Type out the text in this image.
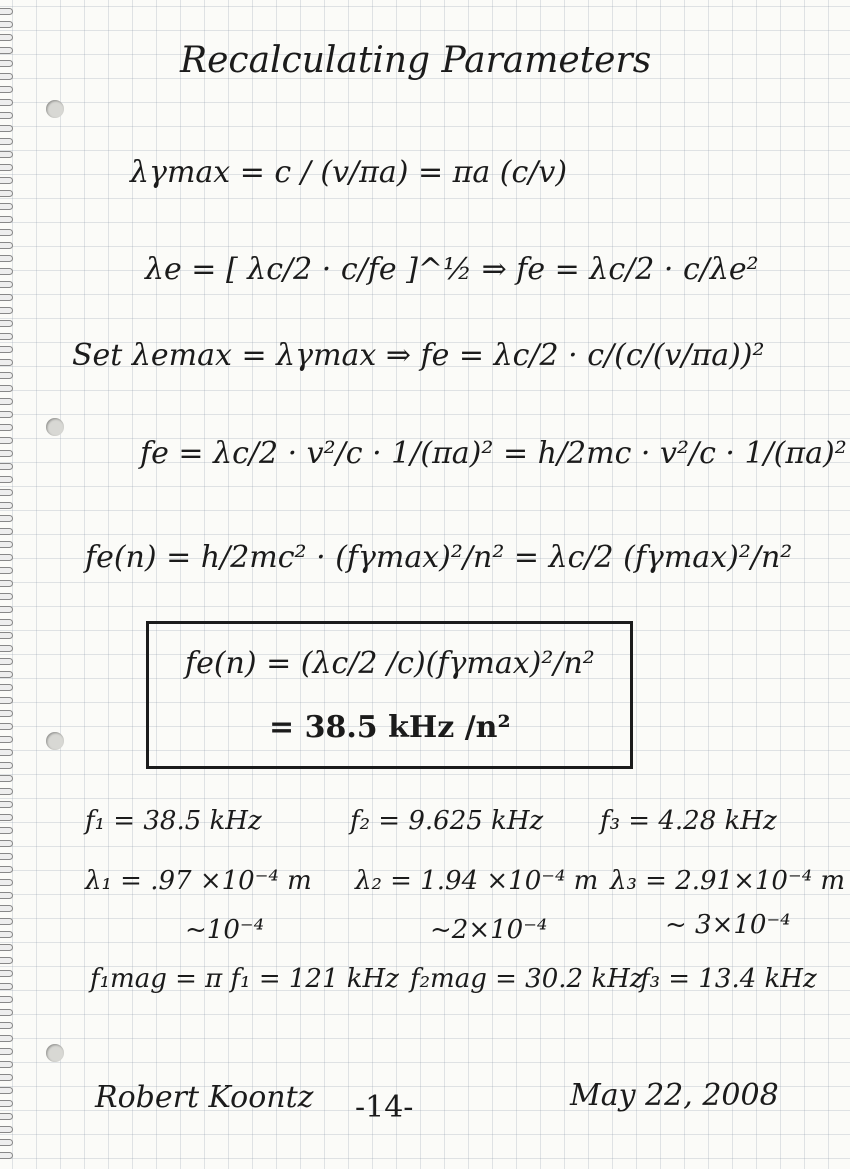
Recalculating Parameters
λγmax = c / (v/πa) = πa (c/v)
λe = [ λc/2 · c/fe ]^½ ⇒ fe = λc/2 · c/λe²
Set λemax = λγmax ⇒ fe = λc/2 · c/(c/(v/πa))²
fe = λc/2 · v²/c · 1/(πa)² = h/2mc · v²/c · 1/(πa)²
fe(n) = h/2mc² · (fγmax)²/n² = λc/2 (fγmax)²/n²
fe(n) = (λc/2 /c)(fγmax)²/n²
= 38.5 kHz /n²
f₁ = 38.5 kHz	f₂ = 9.625 kHz f₃ = 4.28 kHz
λ₁ = .97 ×10⁻⁴ m λ₂ = 1.94 ×10⁻⁴ m λ₃ = 2.91×10⁻⁴ m
~10⁻⁴	~2×10⁻⁴	~ 3×10⁻⁴
f₁mag = π f₁ = 121 kHz f₂mag = 30.2 kHz
f₃ = 13.4 kHz
Robert Koontz -14-	May 22, 2008
